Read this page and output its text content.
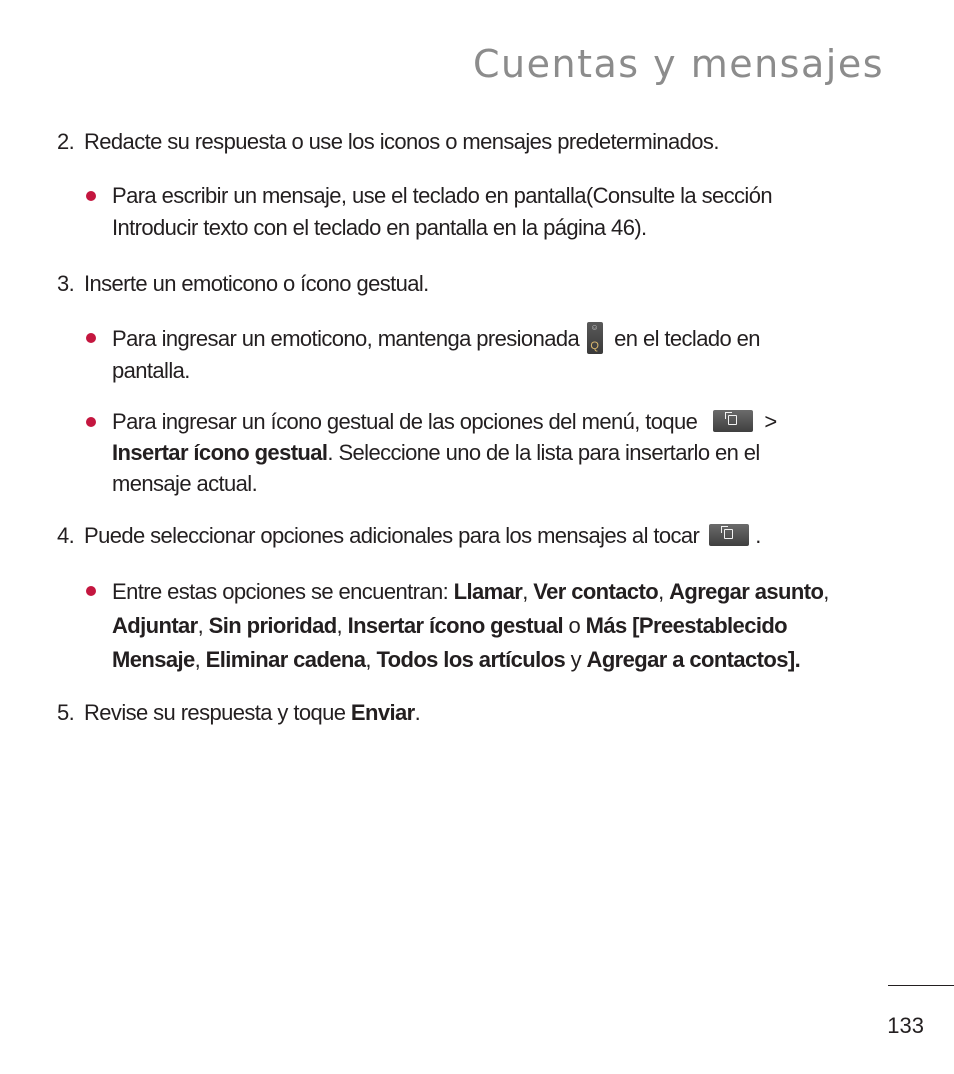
Cuentas y mensajes
2. Redacte su respuesta o use los iconos o mensajes predeterminados.
Para escribir un mensaje, use el teclado en pantalla(Consulte la sección
Introducir texto con el teclado en pantalla en la página 46).
3. Inserte un emoticono o ícono gestual.
Para ingresar un emoticono, mantenga presionada	☺
Q en el teclado en
pantalla.
Para ingresar un ícono gestual de las opciones del menú, toque	>
Insertar ícono gestual. Seleccione uno de la lista para insertarlo en el
mensaje actual.
4. Puede seleccionar opciones adicionales para los mensajes al tocar	.
Entre estas opciones se encuentran: Llamar, Ver contacto, Agregar asunto,
Adjuntar, Sin prioridad, Insertar ícono gestual o Más [Preestablecido
Mensaje, Eliminar cadena, Todos los artículos y Agregar a contactos].
5. Revise su respuesta y toque Enviar.
133
